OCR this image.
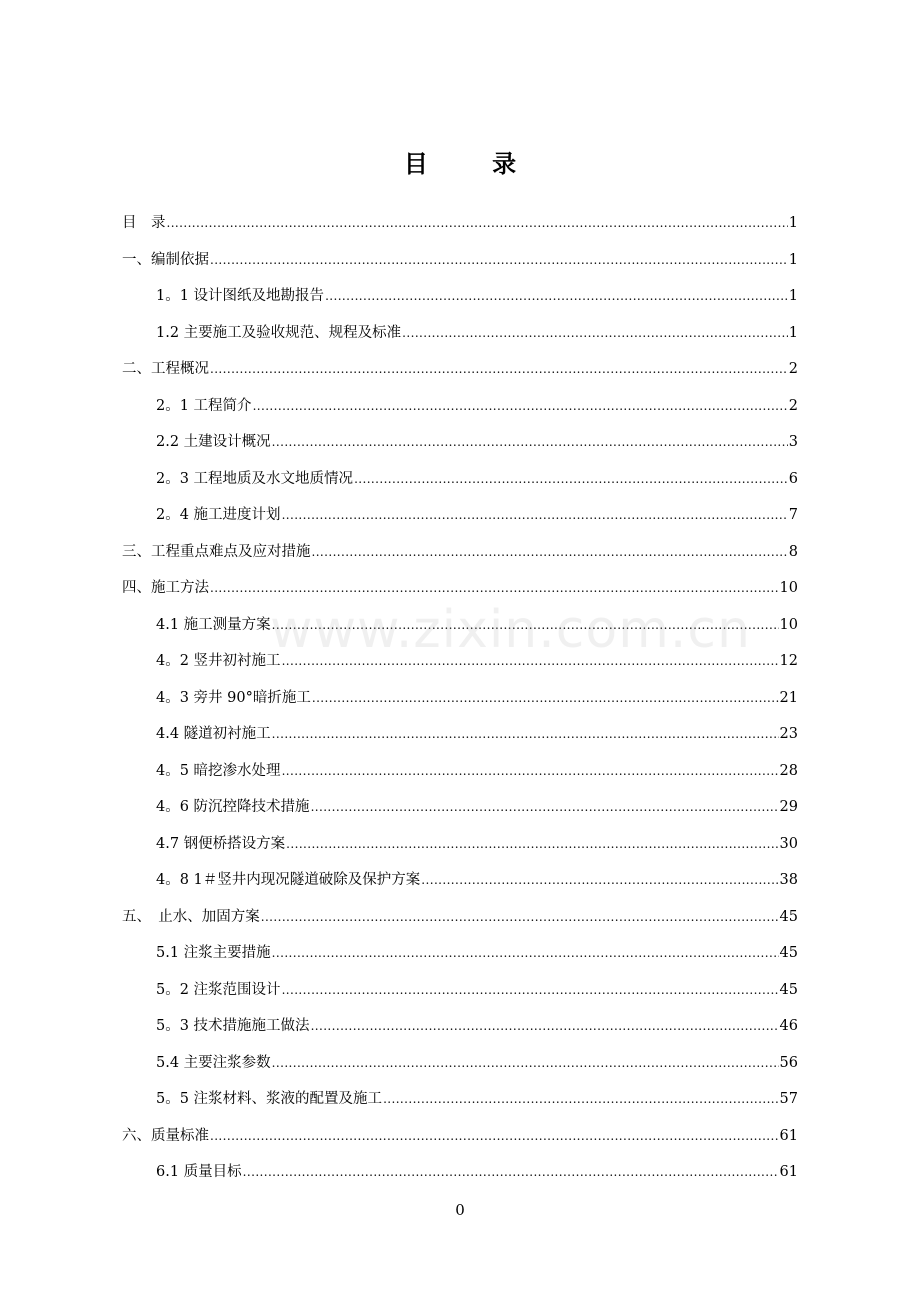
目 录
目　录 .....	1
一、编制依据 .....	1
1。1 设计图纸及地勘报告 .....	1
1.2 主要施工及验收规范、规程及标准 .....	1
二、工程概况 .....	2
2。1 工程简介 .....	2
2.2 土建设计概况 .....	3
2。3 工程地质及水文地质情况 .....	6
2。4 施工进度计划 .....	7
三、工程重点难点及应对措施 .....	8
四、施工方法 .....	10
4.1 施工测量方案 .....	10
4。2 竖井初衬施工 .....	12
4。3 旁井 90°暗折施工 .....	21
4.4 隧道初衬施工 .....	23
4。5 暗挖渗水处理 .....	28
4。6 防沉控降技术措施 .....	29
4.7 钢便桥搭设方案 .....	30
4。8 1＃竖井内现况隧道破除及保护方案 .....	38
五、　止水、加固方案 .....	45
5.1 注浆主要措施 .....	45
5。2 注浆范围设计 .....	45
5。3 技术措施施工做法 .....	46
5.4 主要注浆参数 .....	56
5。5 注浆材料、浆液的配置及施工 .....	57
六、质量标准 .....	61
6.1 质量目标 .....	61
www.zixin.com.cn
0
